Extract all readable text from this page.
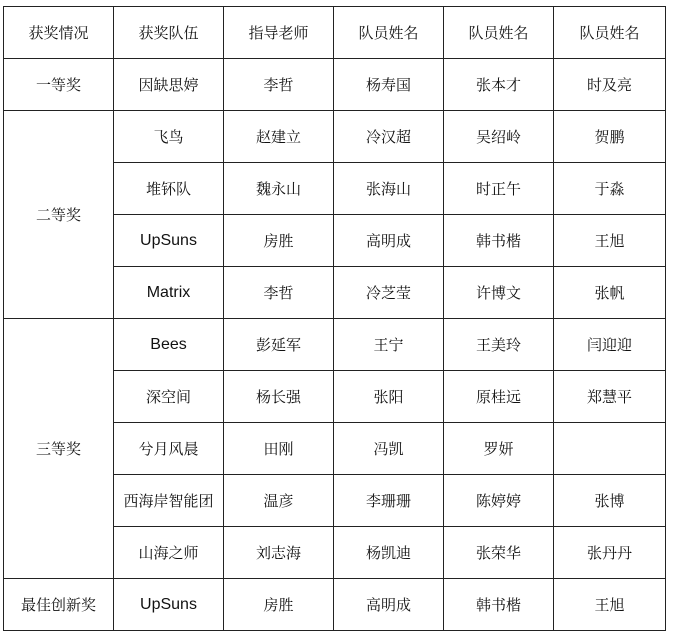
获奖情况	获奖队伍	指导老师	队员姓名	队员姓名	队员姓名
一等奖	因缺思婷	李哲	杨寿国	张本才	时及亮
二等奖	飞鸟	赵建立	冷汉超	吴绍岭	贺鹏
	堆钚队	魏永山	张海山	时正午	于淼
	UpSuns	房胜	高明成	韩书楷	王旭
	Matrix	李哲	冷芝莹	许博文	张帆
三等奖	Bees	彭延军	王宁	王美玲	闫迎迎
	深空间	杨长强	张阳	原桂远	郑慧平
	兮月风晨	田刚	冯凯	罗妍	
	西海岸智能团	温彦	李珊珊	陈婷婷	张博
	山海之师	刘志海	杨凯迪	张荣华	张丹丹
最佳创新奖	UpSuns	房胜	高明成	韩书楷	王旭
